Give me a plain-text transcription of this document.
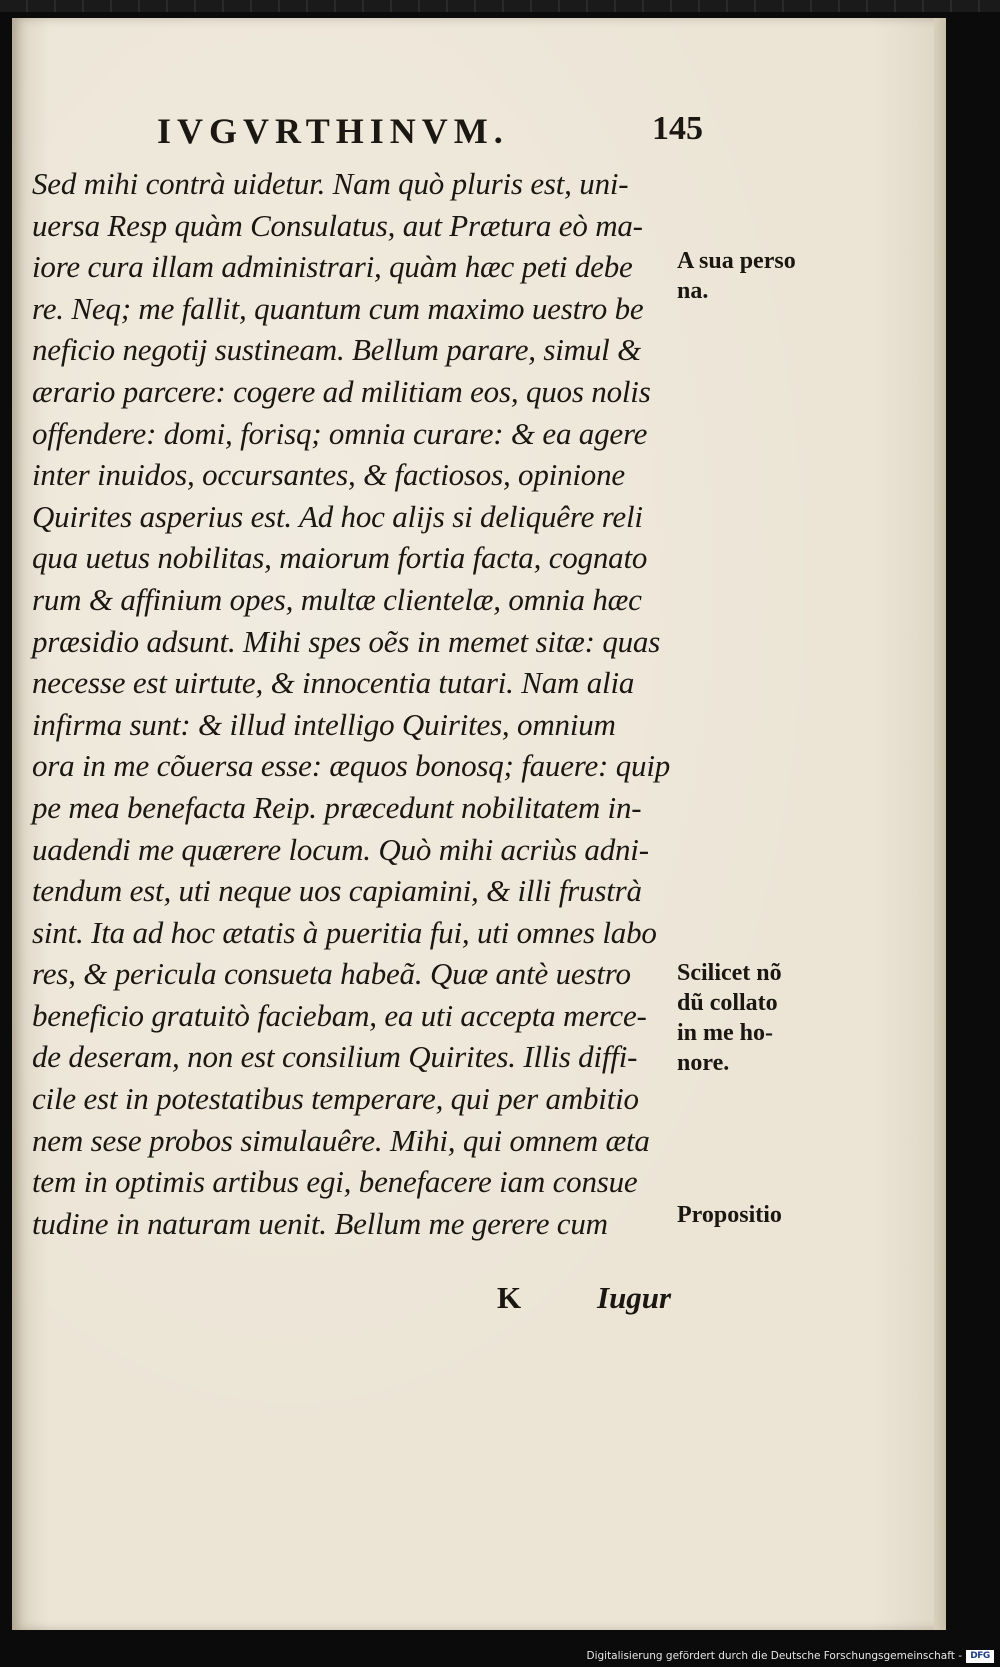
IVGVRTHINVM.	145
Sed mihi contrà uidetur. Nam quò pluris est, uni-
uersa Resp quàm Consulatus, aut Prætura eò ma-
iore cura illam administrari, quàm hæc peti debe
re. Neq; me fallit, quantum cum maximo uestro be
neficio negotij sustineam. Bellum parare, simul &
ærario parcere: cogere ad militiam eos, quos nolis
offendere: domi, forisq; omnia curare: & ea agere
inter inuidos, occursantes, & factiosos, opinione
Quirites asperius est. Ad hoc alijs si deliquêre reli
qua uetus nobilitas, maiorum fortia facta, cognato
rum & affinium opes, multæ clientelæ, omnia hæc
præsidio adsunt. Mihi spes oẽs in memet sitæ: quas
necesse est uirtute, & innocentia tutari. Nam alia
infirma sunt: & illud intelligo Quirites, omnium
ora in me cõuersa esse: æquos bonosq; fauere: quip
pe mea benefacta Reip. præcedunt nobilitatem in-
uadendi me quærere locum. Quò mihi acriùs adni-
tendum est, uti neque uos capiamini, & illi frustrà
sint. Ita ad hoc ætatis à pueritia fui, uti omnes labo
res, & pericula consueta habeã. Quæ antè uestro
beneficio gratuitò faciebam, ea uti accepta merce-
de deseram, non est consilium Quirites. Illis diffi-
cile est in potestatibus temperare, qui per ambitio
nem sese probos simulauêre. Mihi, qui omnem æta
tem in optimis artibus egi, benefacere iam consue
tudine in naturam uenit. Bellum me gerere cum
K Iugur

A sua perso
na.

Scilicet nõ
dũ collato
in me ho-
nore.

Propositio

Digitalisierung gefördert durch die Deutsche Forschungsgemeinschaft - DFG
